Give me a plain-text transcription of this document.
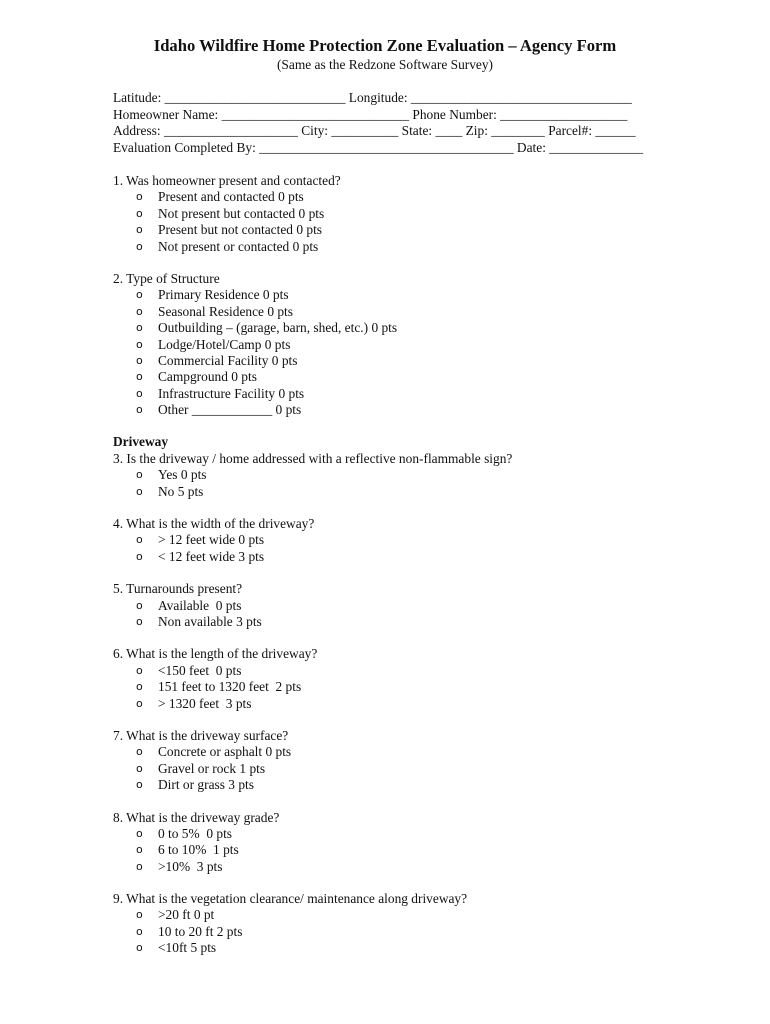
Idaho Wildfire Home Protection Zone Evaluation – Agency Form
(Same as the Redzone Software Survey)
Latitude: ___________________________ Longitude: _________________________________
Homeowner Name: ____________________________ Phone Number: ___________________
Address: ____________________ City: __________ State: ____ Zip: ________ Parcel#: ______
Evaluation Completed By: ______________________________________ Date: ______________
1. Was homeowner present and contacted?
o Present and contacted 0 pts
o Not present but contacted 0 pts
o Present but not contacted 0 pts
o Not present or contacted 0 pts
2. Type of Structure
o Primary Residence 0 pts
o Seasonal Residence 0 pts
o Outbuilding – (garage, barn, shed, etc.) 0 pts
o Lodge/Hotel/Camp 0 pts
o Commercial Facility 0 pts
o Campground 0 pts
o Infrastructure Facility 0 pts
o Other ____________ 0 pts
Driveway
3. Is the driveway / home addressed with a reflective non-flammable sign?
o Yes 0 pts
o No 5 pts
4. What is the width of the driveway?
o > 12 feet wide 0 pts
o < 12 feet wide 3 pts
5. Turnarounds present?
o Available  0 pts
o Non available 3 pts
6. What is the length of the driveway?
o <150 feet  0 pts
o 151 feet to 1320 feet  2 pts
o > 1320 feet  3 pts
7. What is the driveway surface?
o Concrete or asphalt 0 pts
o Gravel or rock 1 pts
o Dirt or grass 3 pts
8. What is the driveway grade?
o 0 to 5%  0 pts
o 6 to 10%  1 pts
o >10%  3 pts
9. What is the vegetation clearance/ maintenance along driveway?
o >20 ft 0 pt
o 10 to 20 ft 2 pts
o <10ft 5 pts
